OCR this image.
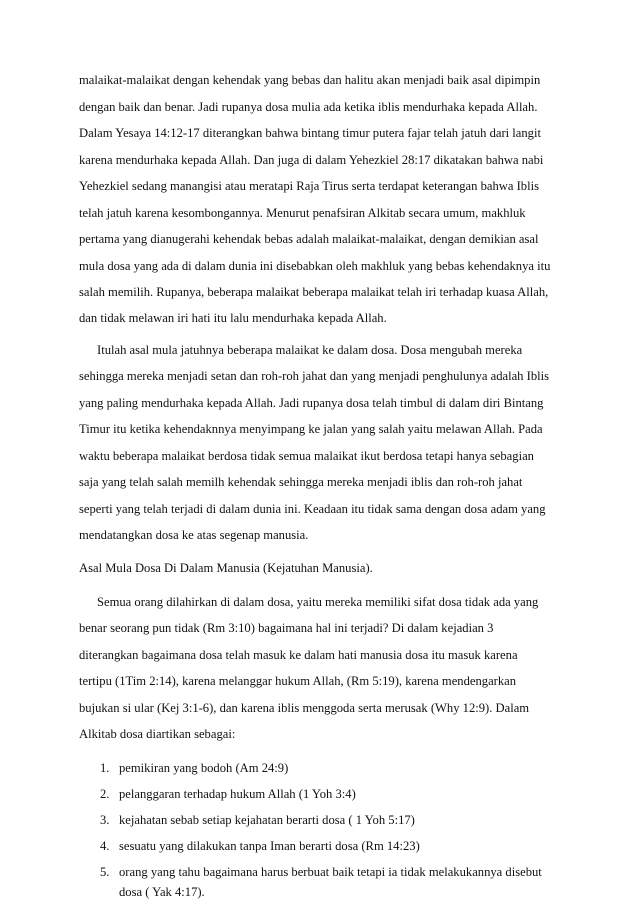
malaikat-malaikat dengan kehendak yang bebas dan halitu akan menjadi baik asal dipimpin
dengan baik dan benar. Jadi rupanya dosa mulia ada ketika iblis mendurhaka kepada Allah.
Dalam Yesaya 14:12-17 diterangkan bahwa bintang timur putera fajar telah jatuh dari langit
karena mendurhaka kepada Allah. Dan juga di dalam Yehezkiel 28:17 dikatakan bahwa nabi
Yehezkiel sedang manangisi atau meratapi Raja Tirus serta terdapat keterangan bahwa Iblis
telah jatuh karena kesombongannya. Menurut penafsiran Alkitab secara umum, makhluk
pertama yang dianugerahi kehendak bebas adalah malaikat-malaikat, dengan demikian asal
mula dosa yang ada di dalam dunia ini disebabkan oleh makhluk yang bebas kehendaknya itu
salah memilih. Rupanya, beberapa malaikat beberapa malaikat telah iri terhadap kuasa Allah,
dan tidak melawan iri hati itu lalu mendurhaka kepada Allah.
Itulah asal mula jatuhnya beberapa malaikat ke dalam dosa. Dosa mengubah mereka
sehingga mereka menjadi setan dan roh-roh jahat dan yang menjadi penghulunya adalah Iblis
yang paling mendurhaka kepada Allah. Jadi rupanya dosa telah timbul di dalam diri Bintang
Timur itu ketika kehendaknnya menyimpang ke jalan yang salah yaitu melawan Allah. Pada
waktu beberapa malaikat berdosa tidak semua malaikat ikut berdosa tetapi hanya sebagian
saja yang telah salah memilh kehendak sehingga mereka menjadi iblis dan roh-roh jahat
seperti yang telah terjadi di dalam dunia ini. Keadaan itu tidak sama dengan dosa adam yang
mendatangkan dosa ke atas segenap manusia.
Asal Mula Dosa Di Dalam Manusia (Kejatuhan Manusia).
Semua orang dilahirkan di dalam dosa, yaitu mereka memiliki sifat dosa tidak ada yang
benar seorang pun tidak (Rm 3:10) bagaimana hal ini terjadi? Di dalam kejadian 3
diterangkan bagaimana dosa telah masuk ke dalam hati manusia dosa itu masuk karena
tertipu (1Tim 2:14), karena melanggar hukum Allah, (Rm 5:19), karena mendengarkan
bujukan si ular (Kej 3:1-6), dan karena iblis menggoda serta merusak (Why 12:9). Dalam
Alkitab dosa diartikan sebagai:
1. pemikiran yang bodoh (Am 24:9)
2. pelanggaran terhadap hukum Allah (1 Yoh 3:4)
3. kejahatan sebab setiap kejahatan berarti dosa ( 1 Yoh 5:17)
4. sesuatu yang dilakukan tanpa Iman berarti dosa (Rm 14:23)
5. orang yang tahu bagaimana harus berbuat baik tetapi ia tidak melakukannya disebut
dosa ( Yak 4:17).
